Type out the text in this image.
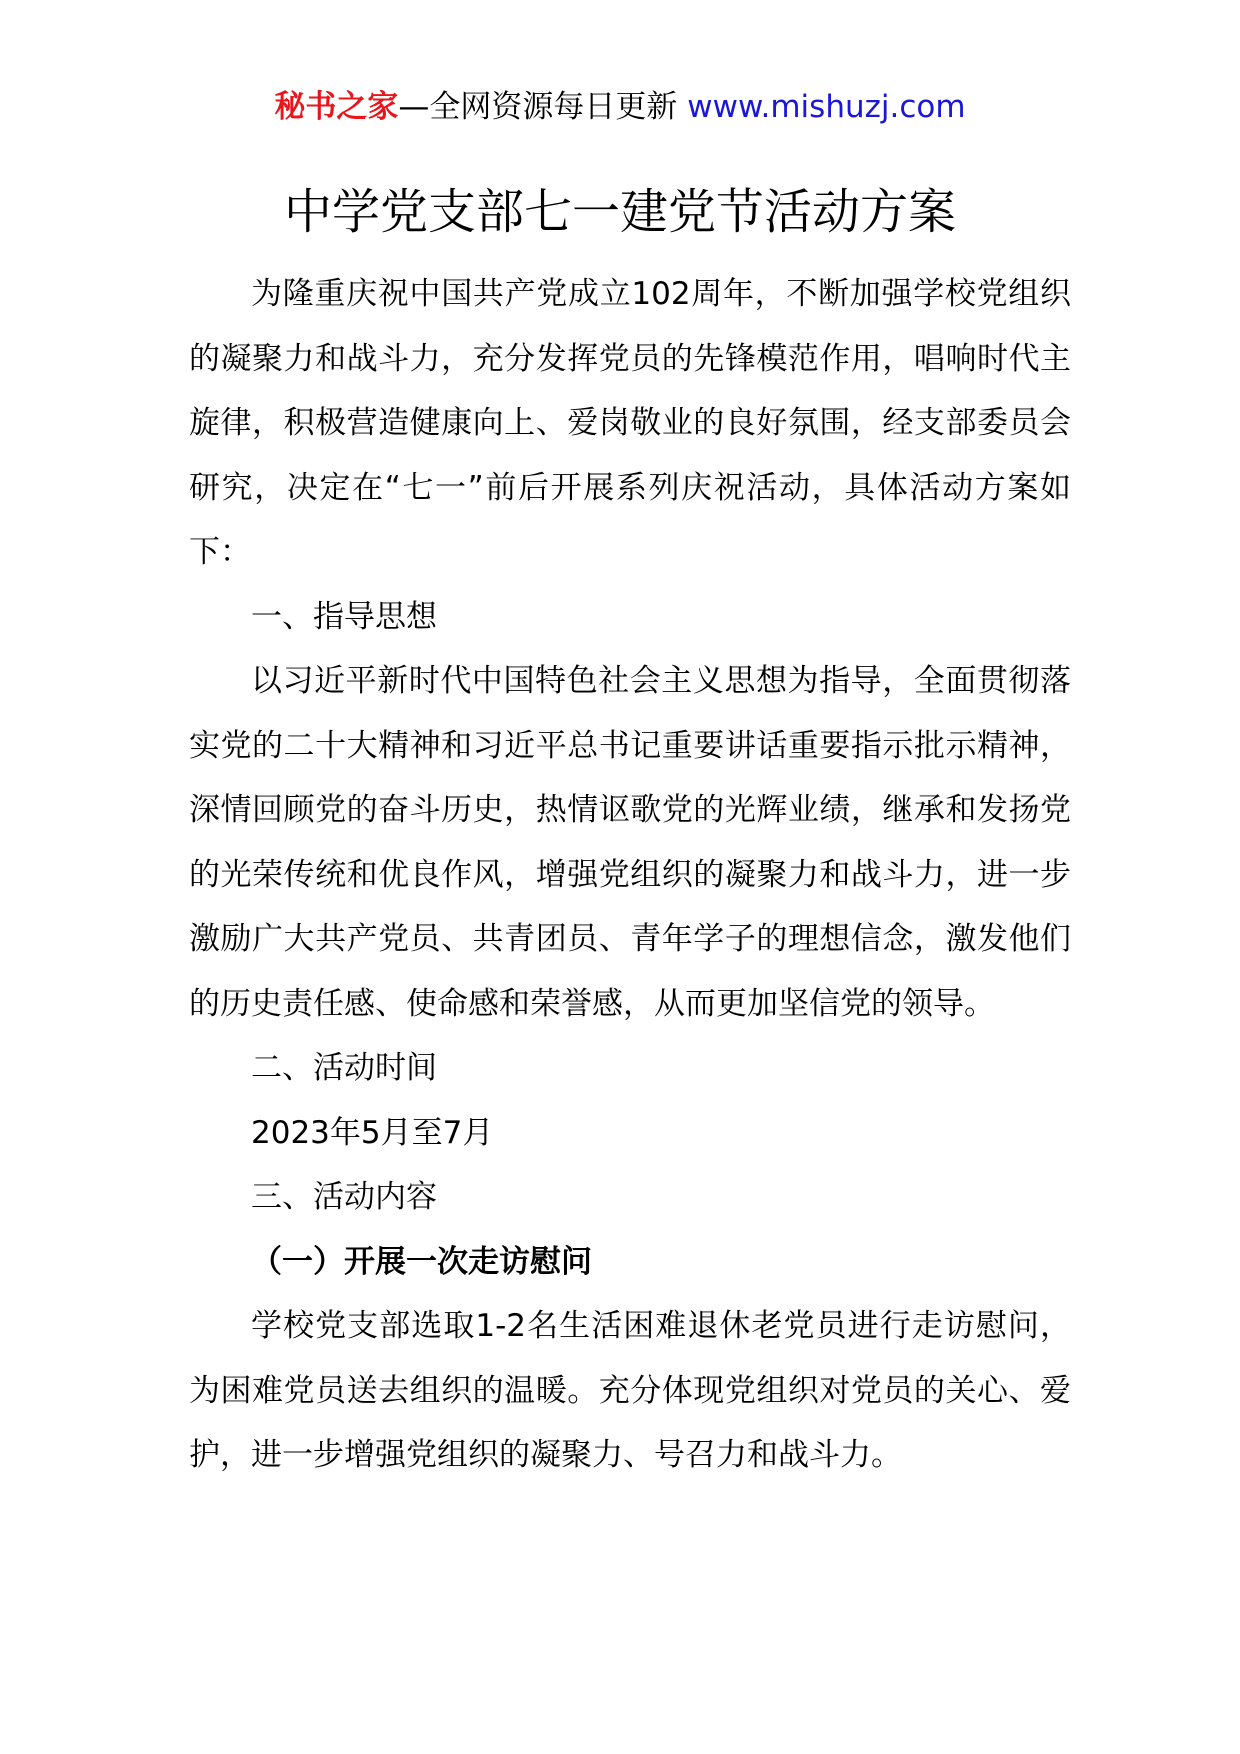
秘书之家—全网资源每日更新 www.mishuzj.com
中学党支部七一建党节活动方案

为隆重庆祝中国共产党成立102周年，不断加强学校党组织的凝聚力和战斗力，充分发挥党员的先锋模范作用，唱响时代主旋律，积极营造健康向上、爱岗敬业的良好氛围，经支部委员会研究，决定在“七一”前后开展系列庆祝活动，具体活动方案如下：

一、指导思想

以习近平新时代中国特色社会主义思想为指导，全面贯彻落实党的二十大精神和习近平总书记重要讲话重要指示批示精神，深情回顾党的奋斗历史，热情讴歌党的光辉业绩，继承和发扬党的光荣传统和优良作风，增强党组织的凝聚力和战斗力，进一步激励广大共产党员、共青团员、青年学子的理想信念，激发他们的历史责任感、使命感和荣誉感，从而更加坚信党的领导。

二、活动时间

2023年5月至7月

三、活动内容

（一）开展一次走访慰问

学校党支部选取1-2名生活困难退休老党员进行走访慰问，为困难党员送去组织的温暖。充分体现党组织对党员的关心、爱护，进一步增强党组织的凝聚力、号召力和战斗力。
